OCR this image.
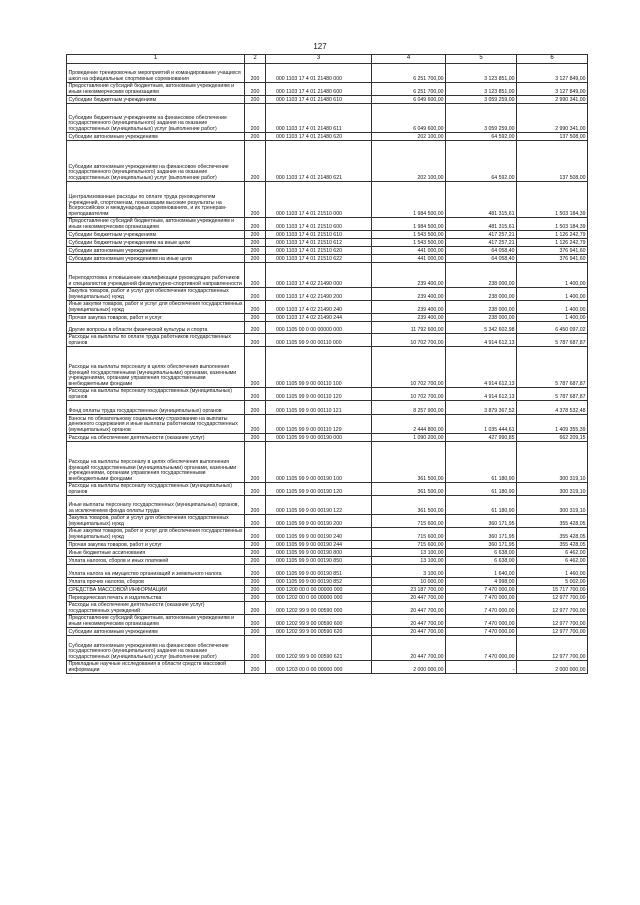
127
1	2	3	4	5	6
Проведение тренировочных мероприятий и командирование учащихся школ на официальные спортивные соревнования	200	000 1103 17 4 01 21480 000	6 251 700,00	3 123 851,00	3 127 849,00
Предоставление субсидий бюджетным, автономным учреждениям и иным некоммерческим организациям	200	000 1103 17 4 01 21480 600	6 251 700,00	3 123 851,00	3 127 849,00
Субсидии бюджетным учреждениям	200	000 1103 17 4 01 21480 610	6 049 600,00	3 059 259,00	2 990 341,00
Субсидии бюджетным учреждениям на финансовое обеспечение государственного (муниципального) задания на оказание государственных (муниципальных) услуг (выполнение работ)	200	000 1103 17 4 01 21480 611	6 049 600,00	3 059 259,00	2 990 341,00
Субсидии автономным учреждениям	200	000 1103 17 4 01 21480 620	202 100,00	64 592,00	137 508,00
Субсидии автономным учреждениям на финансовое обеспечение государственного (муниципального) задания на оказание государственных (муниципальных) услуг (выполнение работ)	200	000 1103 17 4 01 21480 621	202 100,00	64 592,00	137 508,00
Централизованные расходы по оплате труда руководителям учреждений, спортсменам, показавшим высокие результаты на Всероссийских и международных соревнованиях, и их тренерам-преподавателям	200	000 1103 17 4 01 21510 000	1 984 500,00	481 315,61	1 503 184,39
Предоставление субсидий бюджетным, автономным учреждениям и иным некоммерческим организациям	200	000 1103 17 4 01 21510 600	1 984 500,00	481 315,61	1 503 184,39
Субсидии бюджетным учреждениям	200	000 1103 17 4 01 21510 610	1 543 500,00	417 257,21	1 126 242,79
Субсидии бюджетным учреждениям на иные цели	200	000 1103 17 4 01 21510 612	1 543 500,00	417 257,21	1 126 242,79
Субсидии автономным учреждениям	200	000 1103 17 4 01 21510 620	441 000,00	64 058,40	376 941,60
Субсидии автономным учреждениям на иные цели	200	000 1103 17 4 01 21510 622	441 000,00	64 058,40	376 941,60
Переподготовка и повышение квалификации руководящих работников и специалистов учреждений физкультурно-спортивной направленности	200	000 1103 17 4 02 21490 000	239 400,00	238 000,00	1 400,00
Закупка товаров, работ и услуг для обеспечения государственных (муниципальных) нужд	200	000 1103 17 4 02 21490 200	239 400,00	238 000,00	1 400,00
Иные закупки товаров, работ и услуг для обеспечения государственных (муниципальных) нужд	200	000 1103 17 4 02 21490 240	239 400,00	238 000,00	1 400,00
Прочая закупка товаров, работ и услуг	200	000 1103 17 4 02 21490 244	239 400,00	238 000,00	1 400,00
Другие вопросы в области физической культуры и спорта	200	000 1105 00 0 00 00000 000	11 792 600,00	5 342 602,98	6 450 097,02
Расходы на выплаты по оплате труда работников государственных органов	200	000 1105 99 9 00 00110 000	10 702 700,00	4 914 612,13	5 787 687,87
Расходы на выплаты персоналу в целях обеспечения выполнения функций государственными (муниципальными) органами, казенными учреждениями, органами управления государственными внебюджетными фондами	200	000 1105 99 9 00 00110 100	10 702 700,00	4 914 612,13	5 787 687,87
Расходы на выплаты персоналу государственных (муниципальных) органов	200	000 1105 99 9 00 00110 120	10 702 700,00	4 914 612,13	5 787 687,87
Фонд оплаты труда государственных (муниципальных) органов	200	000 1105 99 9 00 00110 121	8 257 900,00	3 879 367,52	4 378 532,48
Взносы по обязательному социальному страхованию на выплаты денежного содержания и иные выплаты работникам государственных (муниципальных) органов	200	000 1105 99 9 00 00110 129	2 444 800,00	1 035 444,61	1 409 355,39
Расходы на обеспечение деятельности (оказание услуг)	200	000 1105 99 9 00 00190 000	1 090 200,00	427 990,85	662 209,15
Расходы на выплаты персоналу в целях обеспечения выполнения функций государственными (муниципальными) органами, казенными учреждениями, органами управления государственными внебюджетными фондами	200	000 1105 99 9 00 00190 100	361 500,00	61 180,90	300 319,10
Расходы на выплаты персоналу государственных (муниципальных) органов	200	000 1105 99 9 00 00190 120	361 500,00	61 180,90	300 319,10
Иные выплаты персоналу государственных (муниципальных) органов, за исключением фонда оплаты труда	200	000 1105 99 9 00 00190 122	361 500,00	61 180,90	300 319,10
Закупка товаров, работ и услуг для обеспечения государственных (муниципальных) нужд	200	000 1105 99 9 00 00190 200	715 600,00	360 171,95	355 428,05
Иные закупки товаров, работ и услуг для обеспечения государственных (муниципальных) нужд	200	000 1105 99 9 00 00190 240	715 600,00	360 171,95	355 428,05
Прочая закупка товаров, работ и услуг	200	000 1105 99 9 00 00190 244	715 600,00	360 171,95	355 428,05
Иные бюджетные ассигнования	200	000 1105 99 9 00 00190 800	13 100,00	6 638,00	6 462,00
Уплата налогов, сборов и иных платежей	200	000 1105 99 9 00 00190 850	13 100,00	6 638,00	6 462,00
Уплата налога на имущество организаций и земельного налога	200	000 1105 99 9 00 00190 851	3 100,00	1 640,00	1 460,00
Уплата прочих налогов, сборов	200	000 1105 99 9 00 00190 852	10 000,00	4 998,00	5 002,00
СРЕДСТВА МАССОВОЙ ИНФОРМАЦИИ	200	000 1200 00 0 00 00000 000	23 187 700,00	7 470 000,00	15 717 700,00
Периодическая печать и издательства	200	000 1202 00 0 00 00000 000	20 447 700,00	7 470 000,00	12 977 700,00
Расходы на обеспечение деятельности (оказание услуг) государственных учреждений	200	000 1202 99 9 00 00590 000	20 447 700,00	7 470 000,00	12 977 700,00
Предоставление субсидий бюджетным, автономным учреждениям и иным некоммерческим организациям	200	000 1202 99 9 00 00590 600	20 447 700,00	7 470 000,00	12 977 700,00
Субсидии автономным учреждениям	200	000 1202 99 9 00 00590 620	20 447 700,00	7 470 000,00	12 977 700,00
Субсидии автономным учреждениям на финансовое обеспечение государственного (муниципального) задания на оказание государственных (муниципальных) услуг (выполнение работ)	200	000 1202 99 9 00 00590 621	20 447 700,00	7 470 000,00	12 977 700,00
Прикладные научные исследования в области средств массовой информации	200	000 1203 00 0 00 00000 000	2 000 000,00	-	2 000 000,00
